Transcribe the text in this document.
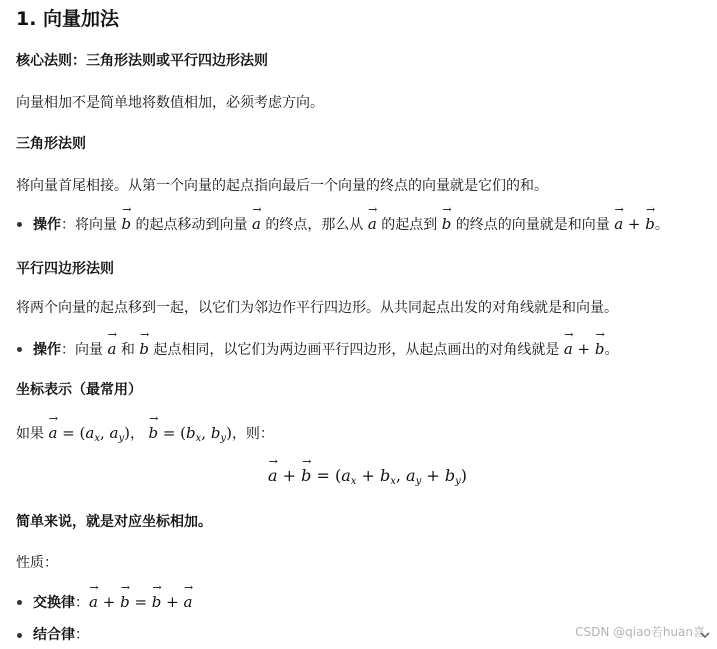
1. 向量加法
核心法则：三角形法则或平行四边形法则
向量相加不是简单地将数值相加，必须考虑方向。
三角形法则
将向量首尾相接。从第一个向量的起点指向最后一个向量的终点的向量就是它们的和。
操作：将向量 → b 的起点移动到向量 → a 的终点，那么从 → a 的起点到 → b 的终点的向量就是和向量 → a + → b。
平行四边形法则
将两个向量的起点移到一起，以它们为邻边作平行四边形。从共同起点出发的对角线就是和向量。
操作：向量 → a 和 → b 起点相同，以它们为两边画平行四边形，从起点画出的对角线就是 → a + → b。
坐标表示（最常用）
如果 → $a = (a_x$, $a_y$)， → $b = (b_x$, $b_y$)，则：
→ a + → $b = (a_x + b_x$, $a_y + b_y$)
简单来说，就是对应坐标相加。
性质：
交换律：→ a + → b = → b + → a
结合律：	CSDN @qiao若huan喜
